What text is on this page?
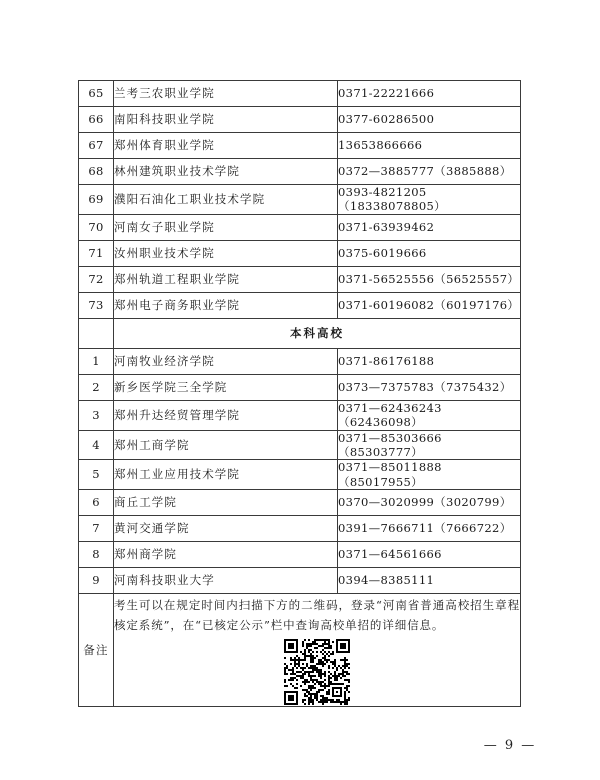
65	兰考三农职业学院	0371-22221666
66	南阳科技职业学院	0377-60286500
67	郑州体育职业学院	13653866666
68	林州建筑职业技术学院	0372—3885777（3885888）
69	濮阳石油化工职业技术学院	0393-4821205（18338078805）
70	河南女子职业学院	0371-63939462
71	汝州职业技术学院	0375-6019666
72	郑州轨道工程职业学院	0371-56525556（56525557）
73	郑州电子商务职业学院	0371-60196082（60197176）
	本科高校	
1	河南牧业经济学院	0371-86176188
2	新乡医学院三全学院	0373—7375783（7375432）
3	郑州升达经贸管理学院	0371—62436243（62436098）
4	郑州工商学院	0371—85303666（85303777）
5	郑州工业应用技术学院	0371—85011888（85017955）
6	商丘工学院	0370—3020999（3020799）
7	黄河交通学院	0391—7666711（7666722）
8	郑州商学院	0371—64561666
9	河南科技职业大学	0394—8385111
备注	考生可以在规定时间内扫描下方的二维码，登录“河南省普通高校招生章程核定系统”，在“已核定公示”栏中查询高校单招的详细信息。	
— 9 —
